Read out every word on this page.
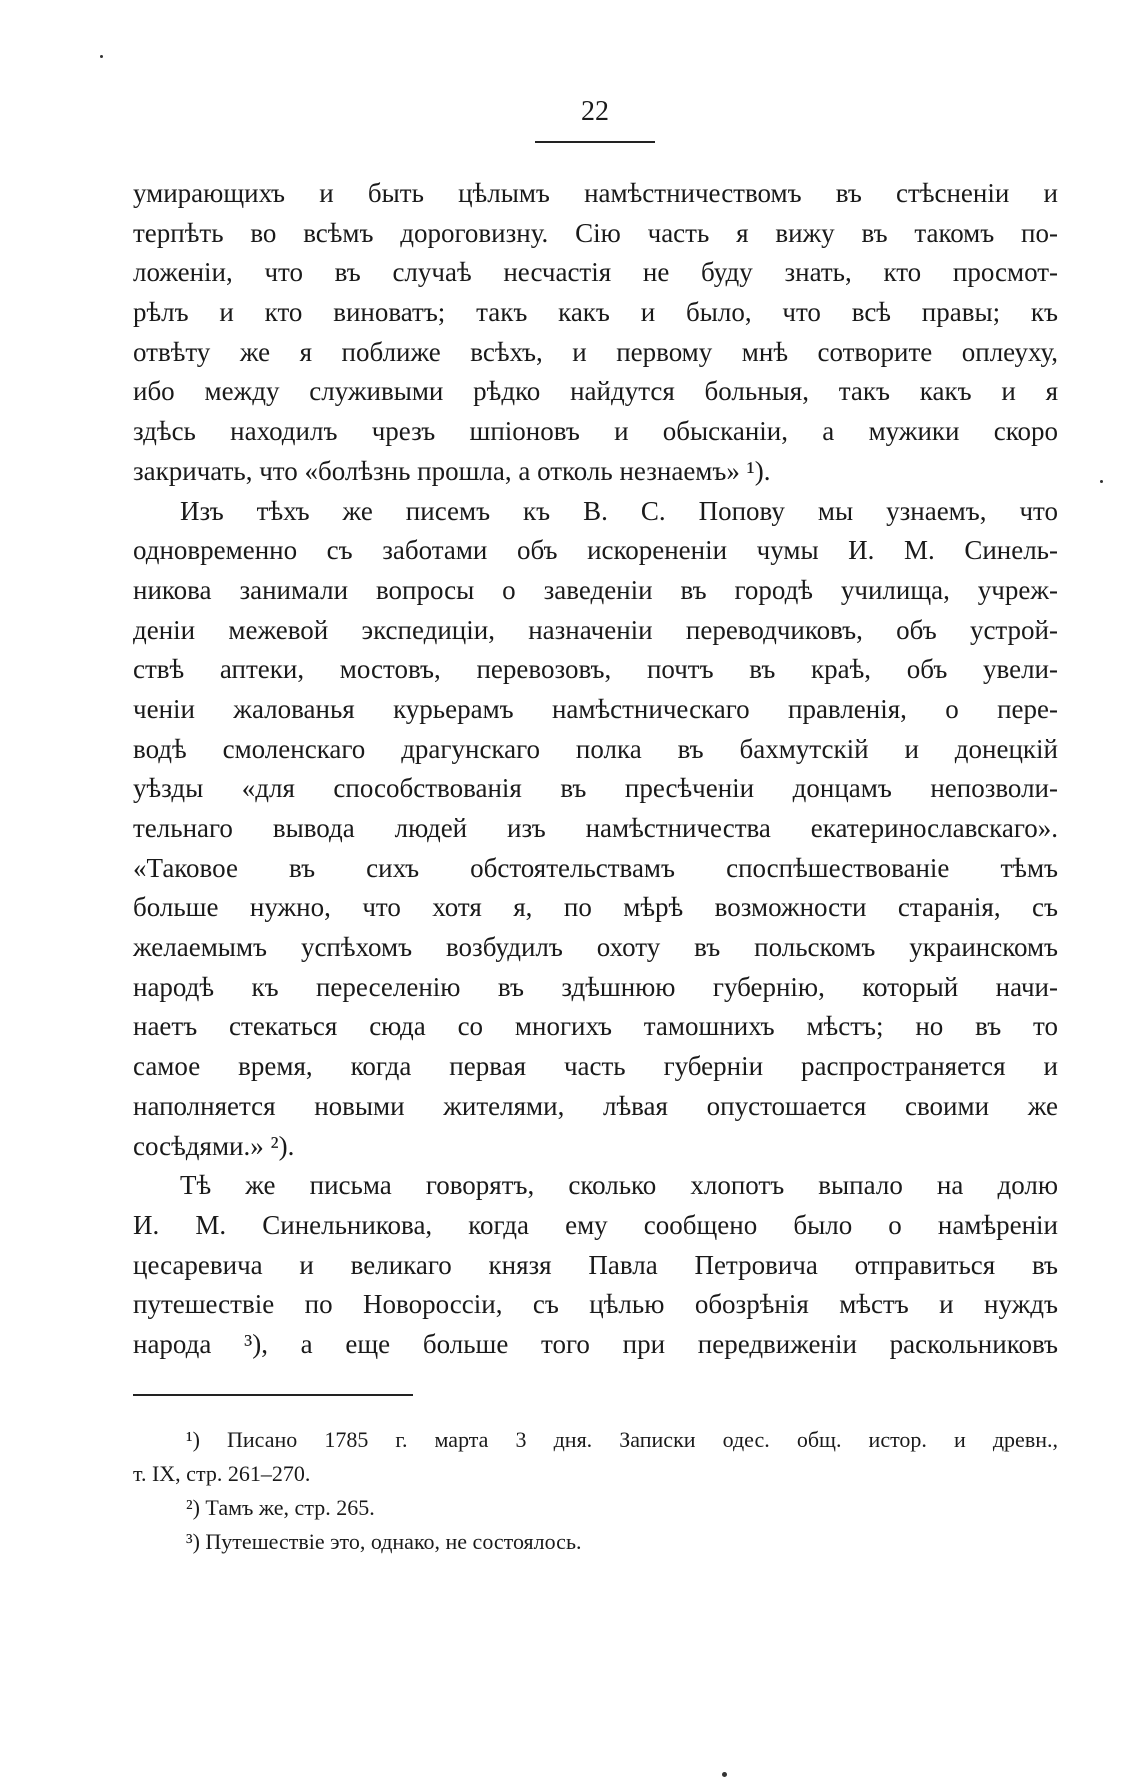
22
умирающихъ и быть цѣлымъ намѣстничествомъ въ стѣсненіи и
терпѣть во всѣмъ дороговизну. Сію часть я вижу въ такомъ по-
ложеніи, что въ случаѣ несчастія не буду знать, кто просмот-
рѣлъ и кто виноватъ; такъ какъ и было, что всѣ правы; къ
отвѣту же я поближе всѣхъ, и первому мнѣ сотворите оплеуху,
ибо между служивыми рѣдко найдутся больныя, такъ какъ и я
здѣсь находилъ чрезъ шпіоновъ и обысканіи, а мужики скоро
закричать, что «болѣзнь прошла, а отколь незнаемъ» ¹).
Изъ тѣхъ же писемъ къ В. С. Попову мы узнаемъ, что
одновременно съ заботами объ искорененіи чумы И. М. Синель-
никова занимали вопросы о заведеніи въ городѣ училища, учреж-
деніи межевой экспедиціи, назначеніи переводчиковъ, объ устрой-
ствѣ аптеки, мостовъ, перевозовъ, почтъ въ краѣ, объ увели-
ченіи жалованья курьерамъ намѣстническаго правленія, о пере-
водѣ смоленскаго драгунскаго полка въ бахмутскій и донецкій
уѣзды «для способствованія въ пресѣченіи донцамъ непозволи-
тельнаго вывода людей изъ намѣстничества екатеринославскаго».
«Таковое въ сихъ обстоятельствамъ споспѣшествованіе тѣмъ
больше нужно, что хотя я, по мѣрѣ возможности старанія, съ
желаемымъ успѣхомъ возбудилъ охоту въ польскомъ украинскомъ
народѣ къ переселенію въ здѣшнюю губернію, который начи-
наетъ стекаться сюда со многихъ тамошнихъ мѣстъ; но въ то
самое время, когда первая часть губерніи распространяется и
наполняется новыми жителями, лѣвая опустошается своими же
сосѣдями.» ²).
Тѣ же письма говорятъ, сколько хлопотъ выпало на долю
И. М. Синельникова, когда ему сообщено было о намѣреніи
цесаревича и великаго князя Павла Петровича отправиться въ
путешествіе по Новороссіи, съ цѣлью обозрѣнія мѣстъ и нуждъ
народа ³), а еще больше того при передвиженіи раскольниковъ
¹) Писано 1785 г. марта 3 дня. Записки одес. общ. истор. и древн.,
т. IX, стр. 261–270.
²) Тамъ же, стр. 265.
³) Путешествіе это, однако, не состоялось.
